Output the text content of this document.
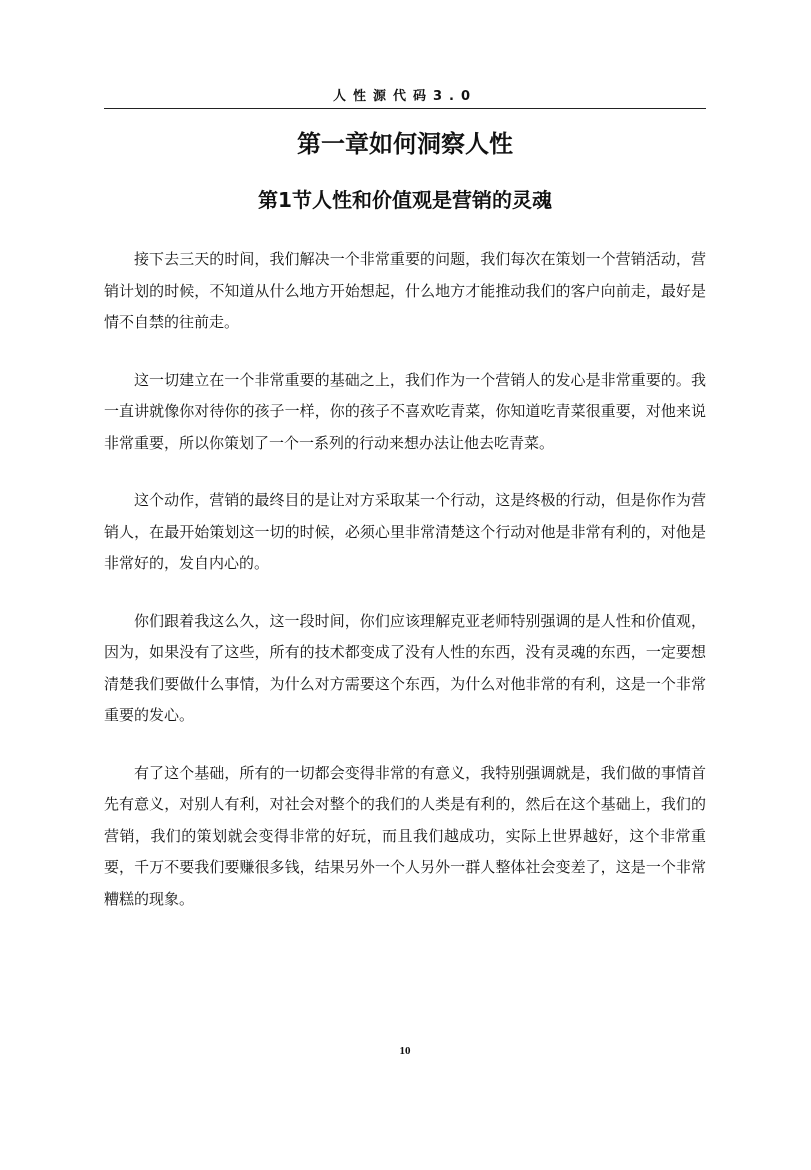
人性源代码3.0
第一章如何洞察人性
第1节人性和价值观是营销的灵魂

接下去三天的时间，我们解决一个非常重要的问题，我们每次在策划一个营销活动，营销计划的时候，不知道从什么地方开始想起，什么地方才能推动我们的客户向前走，最好是情不自禁的往前走。

这一切建立在一个非常重要的基础之上，我们作为一个营销人的发心是非常重要的。我一直讲就像你对待你的孩子一样，你的孩子不喜欢吃青菜，你知道吃青菜很重要，对他来说非常重要，所以你策划了一个一系列的行动来想办法让他去吃青菜。

这个动作，营销的最终目的是让对方采取某一个行动，这是终极的行动，但是你作为营销人，在最开始策划这一切的时候，必须心里非常清楚这个行动对他是非常有利的，对他是非常好的，发自内心的。

你们跟着我这么久，这一段时间，你们应该理解克亚老师特别强调的是人性和价值观，因为，如果没有了这些，所有的技术都变成了没有人性的东西，没有灵魂的东西，一定要想清楚我们要做什么事情，为什么对方需要这个东西，为什么对他非常的有利，这是一个非常重要的发心。

有了这个基础，所有的一切都会变得非常的有意义，我特别强调就是，我们做的事情首先有意义，对别人有利，对社会对整个的我们的人类是有利的，然后在这个基础上，我们的营销，我们的策划就会变得非常的好玩，而且我们越成功，实际上世界越好，这个非常重要，千万不要我们要赚很多钱，结果另外一个人另外一群人整体社会变差了，这是一个非常糟糕的现象。

10
